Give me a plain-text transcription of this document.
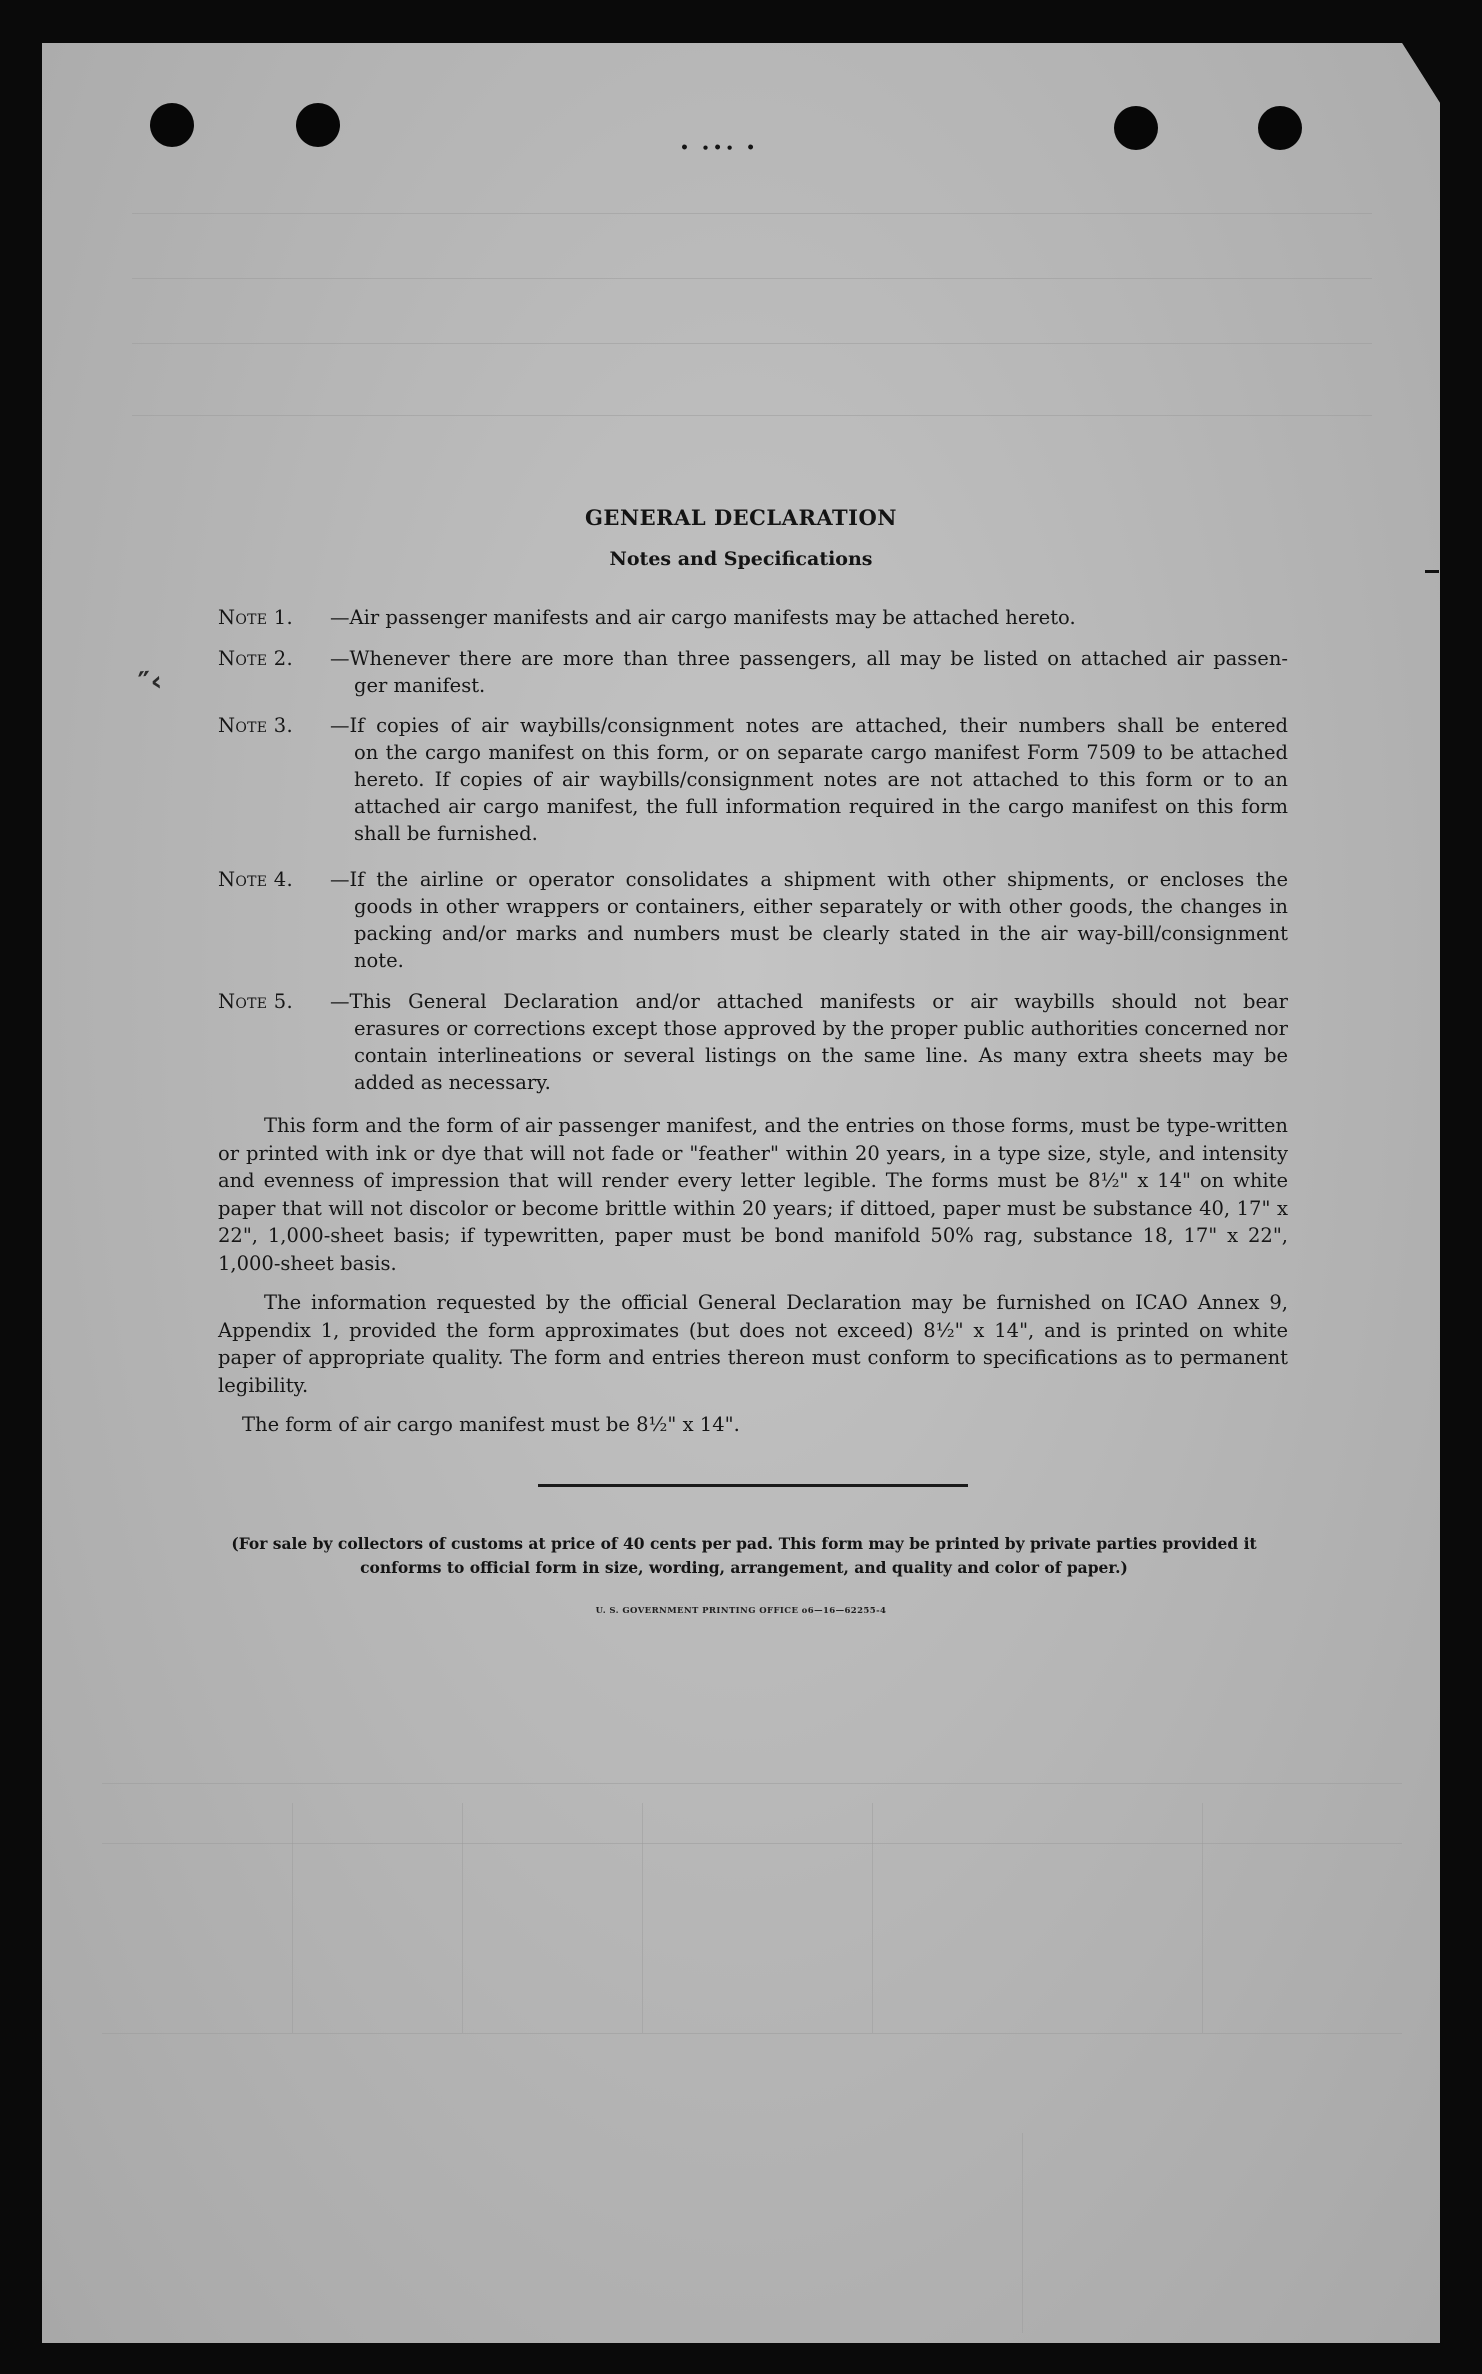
• ∙•∙ •
″‹
GENERAL DECLARATION
Notes and Specifications
Note 1.	—Air passenger manifests and air cargo manifests may be attached hereto.
Note 2.	—Whenever there are more than three passengers, all may be listed on attached air passen-
ger manifest.
Note 3.	—If copies of air waybills/consignment notes are attached, their numbers shall be entered
on the cargo manifest on this form, or on separate cargo manifest Form 7509 to be attached hereto. If copies of air waybills/consignment notes are not attached to this form or to an attached air cargo manifest, the full information required in the cargo manifest on this form shall be furnished.
Note 4.	—If the airline or operator consolidates a shipment with other shipments, or encloses the
goods in other wrappers or containers, either separately or with other goods, the changes in packing and/or marks and numbers must be clearly stated in the air way-bill/consignment note.
Note 5.	—This General Declaration and/or attached manifests or air waybills should not bear
erasures or corrections except those approved by the proper public authorities concerned nor contain interlineations or several listings on the same line. As many extra sheets may be added as necessary.
This form and the form of air passenger manifest, and the entries on those forms, must be type-written or printed with ink or dye that will not fade or "feather" within 20 years, in a type size, style, and intensity and evenness of impression that will render every letter legible. The forms must be 8½" x 14" on white paper that will not discolor or become brittle within 20 years; if dittoed, paper must be substance 40, 17" x 22", 1,000-sheet basis; if typewritten, paper must be bond manifold 50% rag, substance 18, 17" x 22", 1,000-sheet basis.
The information requested by the official General Declaration may be furnished on ICAO Annex 9, Appendix 1, provided the form approximates (but does not exceed) 8½" x 14", and is printed on white paper of appropriate quality. The form and entries thereon must conform to specifications as to permanent legibility.
The form of air cargo manifest must be 8½" x 14".
(For sale by collectors of customs at price of 40 cents per pad. This form may be printed by private parties provided it conforms to official form in size, wording, arrangement, and quality and color of paper.)
U. S. GOVERNMENT PRINTING OFFICE o6—16—62255-4
